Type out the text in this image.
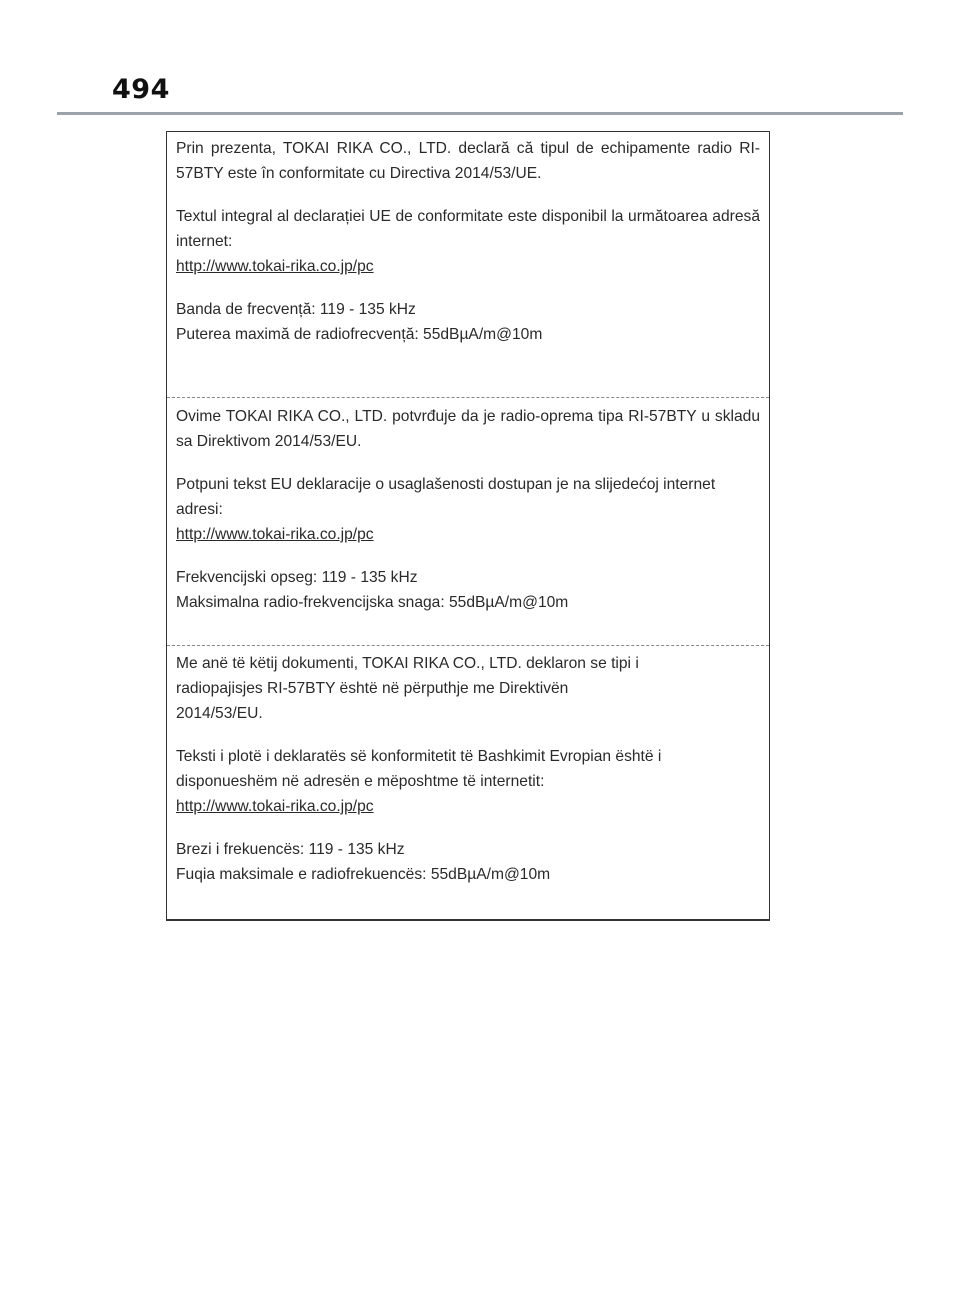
494

Prin prezenta, TOKAI RIKA CO., LTD. declară că tipul de echipamente radio RI-57BTY este în conformitate cu Directiva 2014/53/UE.

Textul integral al declarației UE de conformitate este disponibil la următoarea adresă internet:

http://www.tokai-rika.co.jp/pc

Banda de frecvență: 119 - 135 kHz

Puterea maximă de radiofrecvență: 55dBµA/m@10m

Ovime TOKAI RIKA CO., LTD. potvrđuje da je radio-oprema tipa RI-57BTY u skladu sa Direktivom 2014/53/EU.

Potpuni tekst EU deklaracije o usaglašenosti dostupan je na slijedećoj internet adresi:

http://www.tokai-rika.co.jp/pc

Frekvencijski opseg: 119 - 135 kHz

Maksimalna radio-frekvencijska snaga: 55dBµA/m@10m

Me anë të këtij dokumenti, TOKAI RIKA CO., LTD. deklaron se tipi i

radiopajisjes RI-57BTY është në përputhje me Direktivën

2014/53/EU.

Teksti i plotë i deklaratës së konformitetit të Bashkimit Evropian është i disponueshëm në adresën e mëposhtme të internetit:

http://www.tokai-rika.co.jp/pc

Brezi i frekuencës: 119 - 135 kHz

Fuqia maksimale e radiofrekuencës: 55dBµA/m@10m
